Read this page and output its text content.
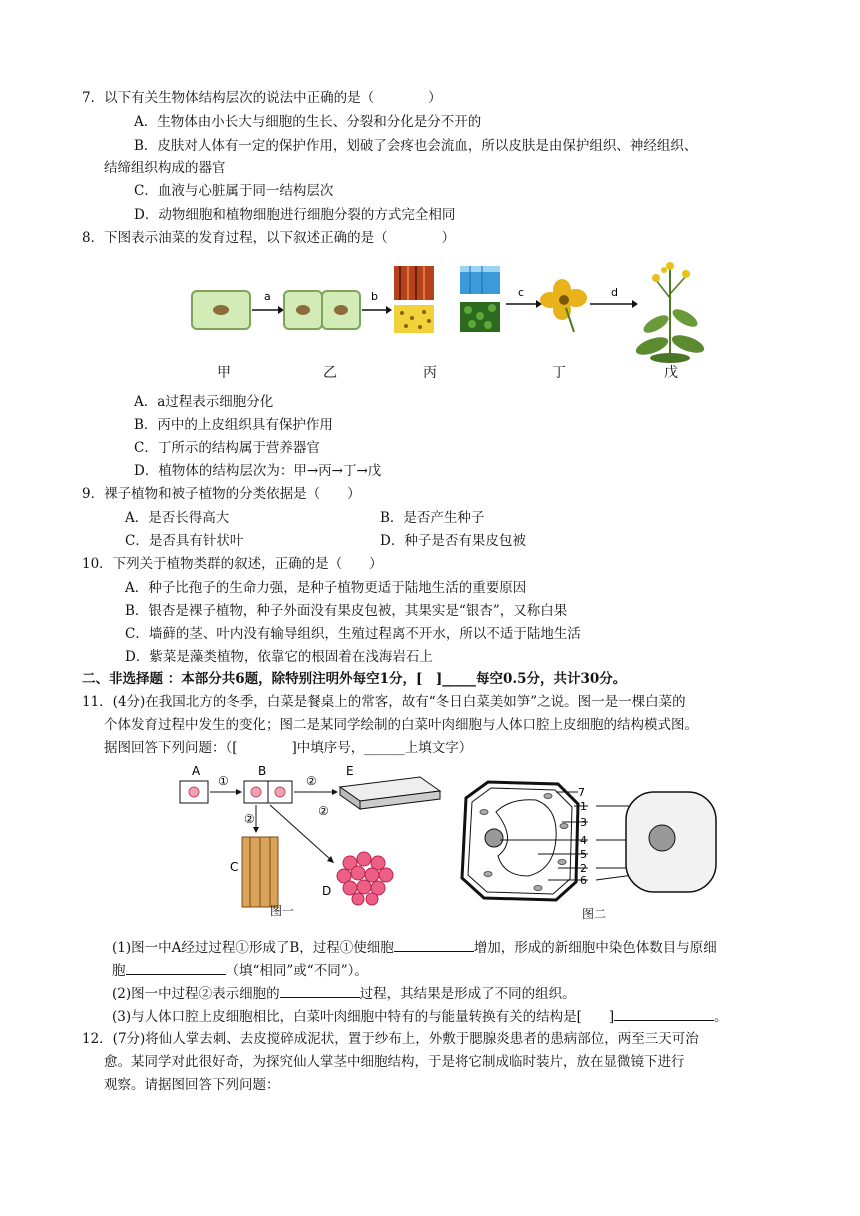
7．以下有关生物体结构层次的说法中正确的是（　　　　）
A．生物体由小长大与细胞的生长、分裂和分化是分不开的
B．皮肤对人体有一定的保护作用，划破了会疼也会流血，所以皮肤是由保护组织、神经组织、
结缔组织构成的器官
C．血液与心脏属于同一结构层次
D．动物细胞和植物细胞进行细胞分裂的方式完全相同
8．下图表示油菜的发育过程，以下叙述正确的是（　　　　）
a	b	c	d
甲	乙	丙	丁	戊
A．a过程表示细胞分化
B．丙中的上皮组织具有保护作用
C．丁所示的结构属于营养器官
D．植物体的结构层次为：甲→丙→丁→戊
9．裸子植物和被子植物的分类依据是（　　）
A．是否长得高大	B．是否产生种子
C．是否具有针状叶	D．种子是否有果皮包被
10．下列关于植物类群的叙述，正确的是（　　）
A．种子比孢子的生命力强，是种子植物更适于陆地生活的重要原因
B．银杏是裸子植物，种子外面没有果皮包被，其果实是“银杏”，又称白果
C．墙藓的茎、叶内没有输导组织，生殖过程离不开水，所以不适于陆地生活
D．紫菜是藻类植物，依靠它的根固着在浅海岩石上
二、非选择题 ：本部分共6题，除特别注明外每空1分，[　]_____每空0.5分，共计30分。
11．(4分)在我国北方的冬季，白菜是餐桌上的常客，故有“冬日白菜美如笋”之说。图一是一棵白菜的
个体发育过程中发生的变化；图二是某同学绘制的白菜叶肉细胞与人体口腔上皮细胞的结构模式图。
据图回答下列问题：（[　　　　]中填序号，______上填文字）
A
①
B
②
E
②
②
C
D
图一
7
1
3
4
5
2
6
图二
(1)图一中A经过过程①形成了B，过程①使细胞	增加，形成的新细胞中染色体数目与原细
胞	（填“相同”或“不同”）。
(2)图一中过程②表示细胞的	过程，其结果是形成了不同的组织。
(3)与人体口腔上皮细胞相比，白菜叶肉细胞中特有的与能量转换有关的结构是[　　]	。
12．(7分)将仙人掌去刺、去皮搅碎成泥状，置于纱布上，外敷于腮腺炎患者的患病部位，两至三天可治
愈。某同学对此很好奇，为探究仙人掌茎中细胞结构，于是将它制成临时装片，放在显微镜下进行
观察。请据图回答下列问题：
